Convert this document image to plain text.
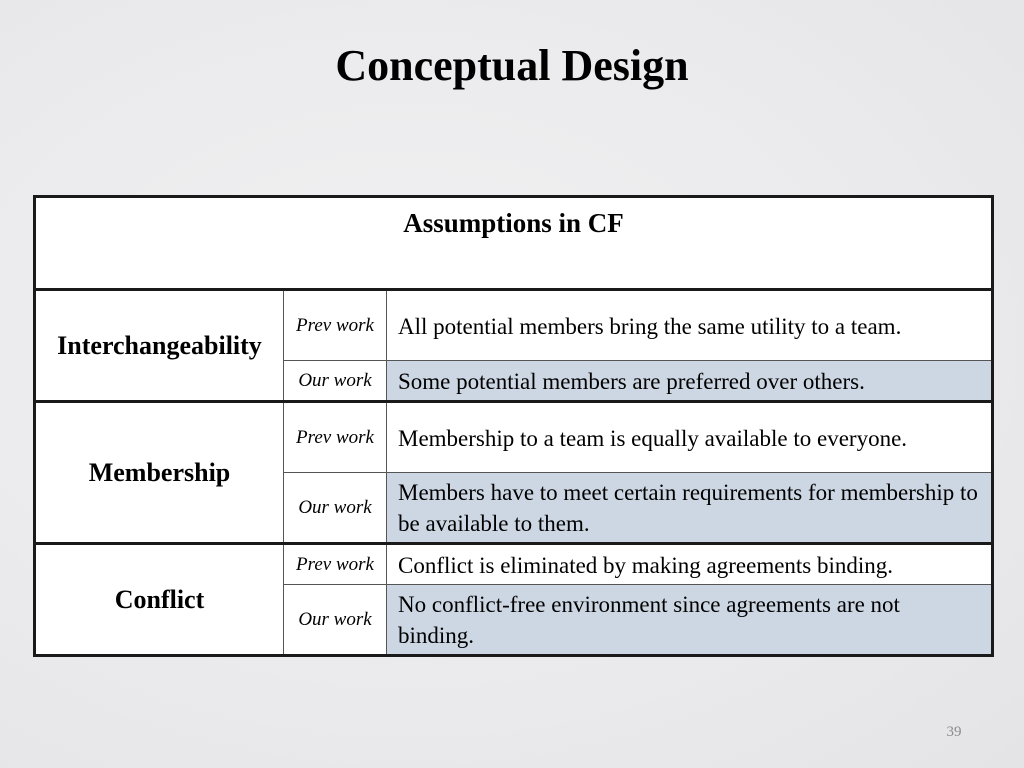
Conceptual Design
Assumptions in CF		
Interchangeability	Prev work	All potential members bring the same utility to a team.
	Our work	Some potential members are preferred over others.
Membership	Prev work	Membership to a team is equally available to everyone.
	Our work	Members have to meet certain requirements for membership to be available to them.
Conflict	Prev work	Conflict is eliminated by making agreements binding.
	Our work	No conflict-free environment since agreements are not binding.
39
